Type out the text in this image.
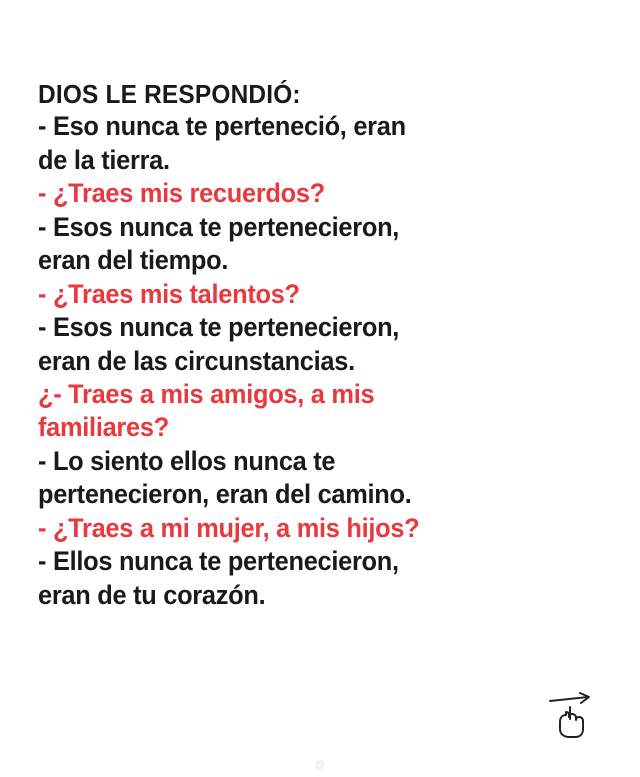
DIOS LE RESPONDIÓ:
- Eso nunca te perteneció, eran
de la tierra.
- ¿Traes mis recuerdos?
- Esos nunca te pertenecieron,
eran del tiempo.
- ¿Traes mis talentos?
- Esos nunca te pertenecieron,
eran de las circunstancias.
¿- Traes a mis amigos, a mis
familiares?
- Lo siento ellos nunca te
pertenecieron, eran del camino.
- ¿Traes a mi mujer, a mis hijos?
- Ellos nunca te pertenecieron,
eran de tu corazón.
@
